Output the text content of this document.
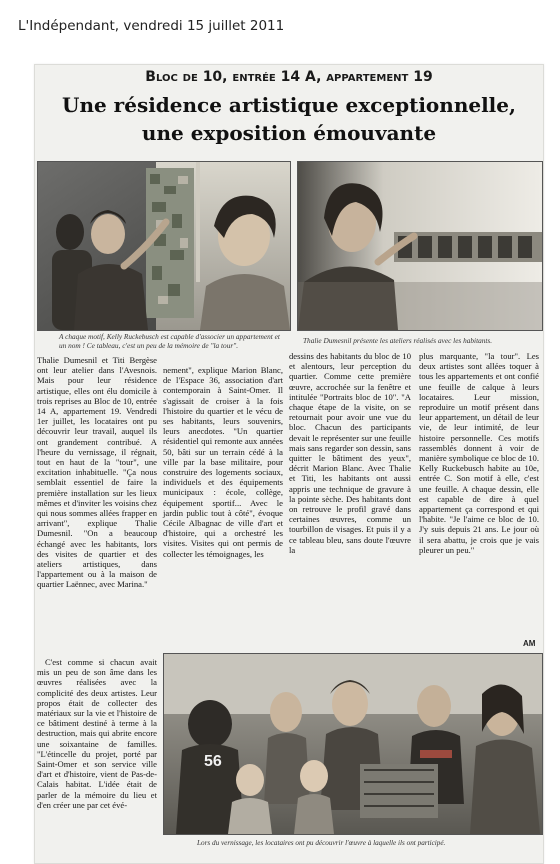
L'Indépendant, vendredi 15 juillet 2011
Bloc de 10, entrée 14 A, appartement 19
Une résidence artistique exceptionnelle,
une exposition émouvante
A chaque motif, Kelly Ruckebusch est capable d'associer un appartement et un nom ! Ce tableau, c'est un peu de la mémoire de "la tour".
Thalie Dumesnil présente les ateliers réalisés avec les habitants.

Thalie Dumesnil et Titi Bergèse ont leur atelier dans l'Avesnois. Mais pour leur résidence artistique, elles ont élu domicile à trois reprises au Bloc de 10, entrée 14 A, appartement 19. Vendredi 1er juillet, les locataires ont pu découvrir leur travail, auquel ils ont grandement contribué. A l'heure du vernissage, il régnait, tout en haut de la "tour", une excitation inhabituelle. "Ça nous semblait essentiel de faire la première installation sur les lieux mêmes et d'inviter les voisins chez qui nous sommes allées frapper en arrivant", explique Thalie Dumesnil. "On a beaucoup échangé avec les habitants, lors des visites de quartier et des ateliers artistiques, dans l'appartement ou à la maison de quartier Laënnec, avec Marina."

nement", explique Marion Blanc, de l'Espace 36, association d'art contemporain à Saint-Omer. Il s'agissait de croiser à la fois l'histoire du quartier et le vécu de ses habitants, leurs souvenirs, leurs anecdotes. "Un quartier résidentiel qui remonte aux années 50, bâti sur un terrain cédé à la ville par la base militaire, pour construire des logements sociaux, individuels et des équipements municipaux : école, collège, équipement sportif... Avec le jardin public tout à côté", évoque Cécile Albagnac de ville d'art et d'histoire, qui a orchestré les visites. Visites qui ont permis de collecter les témoignages, les

dessins des habitants du bloc de 10 et alentours, leur perception du quartier. Comme cette première œuvre, accrochée sur la fenêtre et intitulée "Portraits bloc de 10". "A chaque étape de la visite, on se retournait pour avoir une vue du bloc. Chacun des participants devait le représenter sur une feuille mais sans regarder son dessin, sans quitter le bâtiment des yeux", décrit Marion Blanc. Avec Thalie et Titi, les habitants ont aussi appris une technique de gravure à la pointe sèche. Des habitants dont on retrouve le profil gravé dans certaines œuvres, comme un tourbillon de visages. Et puis il y a ce tableau bleu, sans doute l'œuvre la

plus marquante, "la tour". Les deux artistes sont allées toquer à tous les appartements et ont confié une feuille de calque à leurs locataires. Leur mission, reproduire un motif présent dans leur appartement, un détail de leur vie, de leur intimité, de leur histoire personnelle. Ces motifs rassemblés donnent à voir de manière symbolique ce bloc de 10. Kelly Ruckebusch habite au 10e, entrée C. Son motif à elle, c'est une feuille. A chaque dessin, elle est capable de dire à quel appartement ça correspond et qui l'habite. "Je l'aime ce bloc de 10. J'y suis depuis 21 ans. Le jour où il sera abattu, je crois que je vais pleurer un peu."

AM

C'est comme si chacun avait mis un peu de son âme dans les œuvres réalisées avec la complicité des deux artistes. Leur propos était de collecter des matériaux sur la vie et l'histoire de ce bâtiment destiné à terme à la destruction, mais qui abrite encore une soixantaine de familles. "L'étincelle du projet, porté par Saint-Omer et son service ville d'art et d'histoire, vient de Pas-de-Calais habitat. L'idée était de parler de la mémoire du lieu et d'en créer une par cet évé-

56
Lors du vernissage, les locataires ont pu découvrir l'œuvre à laquelle ils ont participé.
